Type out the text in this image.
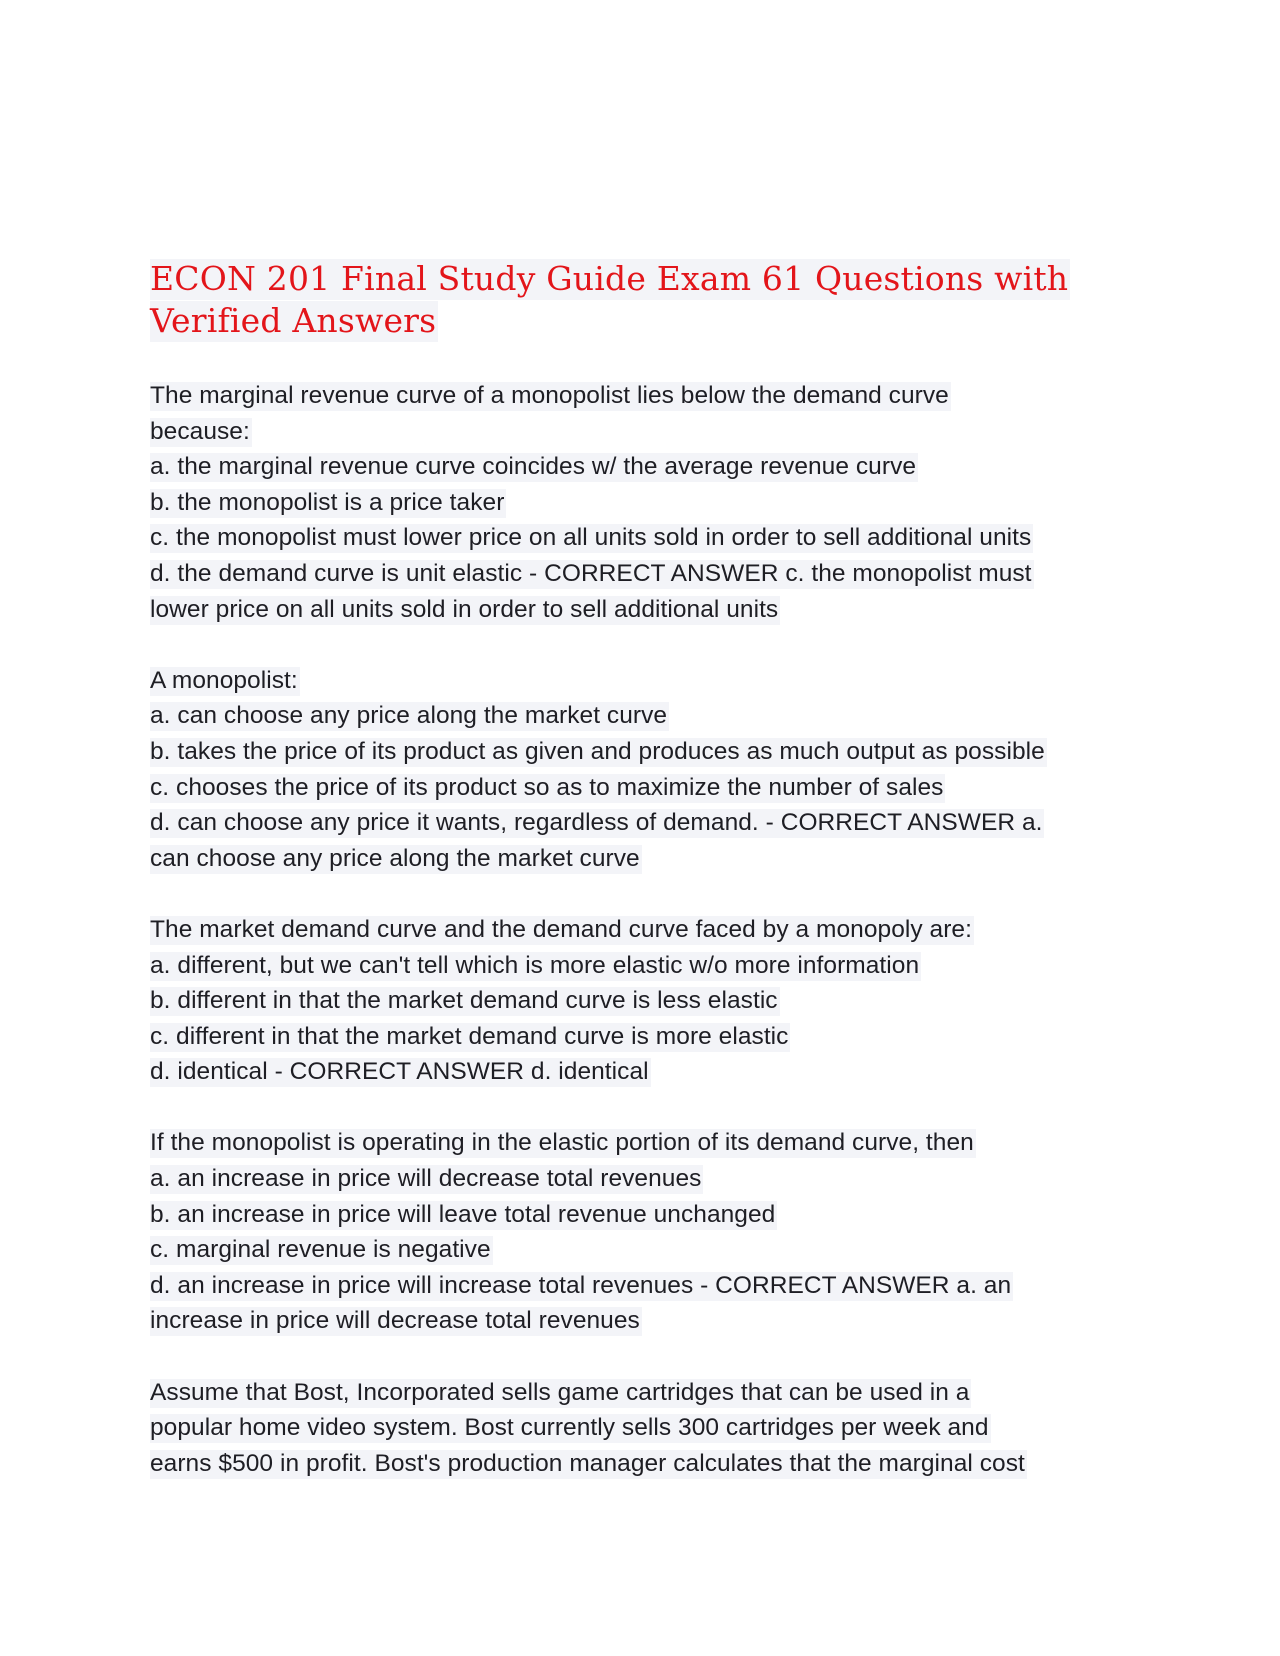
ECON 201 Final Study Guide Exam 61 Questions with
Verified Answers
The marginal revenue curve of a monopolist lies below the demand curve
because:
a. the marginal revenue curve coincides w/ the average revenue curve
b. the monopolist is a price taker
c. the monopolist must lower price on all units sold in order to sell additional units
d. the demand curve is unit elastic - CORRECT ANSWER c. the monopolist must
lower price on all units sold in order to sell additional units
A monopolist:
a. can choose any price along the market curve
b. takes the price of its product as given and produces as much output as possible
c. chooses the price of its product so as to maximize the number of sales
d. can choose any price it wants, regardless of demand. - CORRECT ANSWER a.
can choose any price along the market curve
The market demand curve and the demand curve faced by a monopoly are:
a. different, but we can't tell which is more elastic w/o more information
b. different in that the market demand curve is less elastic
c. different in that the market demand curve is more elastic
d. identical - CORRECT ANSWER d. identical
If the monopolist is operating in the elastic portion of its demand curve, then
a. an increase in price will decrease total revenues
b. an increase in price will leave total revenue unchanged
c. marginal revenue is negative
d. an increase in price will increase total revenues - CORRECT ANSWER a. an
increase in price will decrease total revenues
Assume that Bost, Incorporated sells game cartridges that can be used in a
popular home video system. Bost currently sells 300 cartridges per week and
earns $500 in profit. Bost's production manager calculates that the marginal cost
